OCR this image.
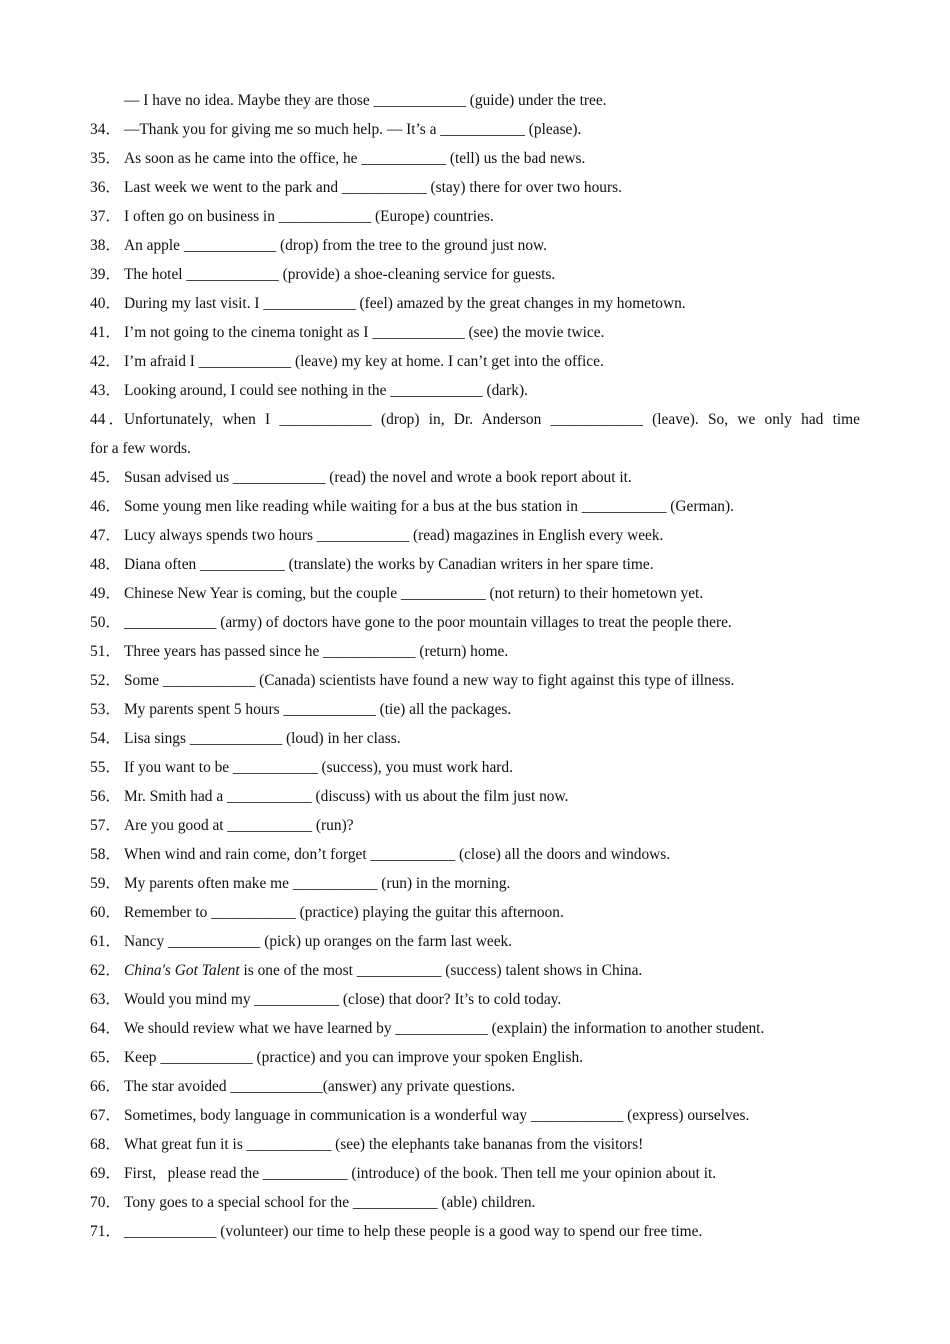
— I have no idea. Maybe they are those ____________ (guide) under the tree.
34． —Thank you for giving me so much help. — It’s a ___________ (please).
35． As soon as he came into the office, he ___________ (tell) us the bad news.
36． Last week we went to the park and ___________ (stay) there for over two hours.
37． I often go on business in ____________ (Europe) countries.
38． An apple ____________ (drop) from the tree to the ground just now.
39． The hotel ____________ (provide) a shoe-cleaning service for guests.
40． During my last visit. I ____________ (feel) amazed by the great changes in my hometown.
41． I’m not going to the cinema tonight as I ____________ (see) the movie twice.
42． I’m afraid I ____________ (leave) my key at home. I can’t get into the office.
43． Looking around, I could see nothing in the ____________ (dark).
44．Unfortunately, when I ____________ (drop) in, Dr. Anderson ____________ (leave). So, we only had time
for a few words.
45． Susan advised us ____________ (read) the novel and wrote a book report about it.
46． Some young men like reading while waiting for a bus at the bus station in ___________ (German).
47． Lucy always spends two hours ____________ (read) magazines in English every week.
48． Diana often ___________ (translate) the works by Canadian writers in her spare time.
49． Chinese New Year is coming, but the couple ___________ (not return) to their hometown yet.
50． ____________ (army) of doctors have gone to the poor mountain villages to treat the people there.
51． Three years has passed since he ____________ (return) home.
52． Some ____________ (Canada) scientists have found a new way to fight against this type of illness.
53． My parents spent 5 hours ____________ (tie) all the packages.
54． Lisa sings ____________ (loud) in her class.
55． If you want to be ___________ (success), you must work hard.
56． Mr. Smith had a ___________ (discuss) with us about the film just now.
57． Are you good at ___________ (run)?
58． When wind and rain come, don’t forget ___________ (close) all the doors and windows.
59． My parents often make me ___________ (run) in the morning.
60． Remember to ___________ (practice) playing the guitar this afternoon.
61． Nancy ____________ (pick) up oranges on the farm last week.
62． China's Got Talent is one of the most ___________ (success) talent shows in China.
63． Would you mind my ___________ (close) that door? It’s to cold today.
64． We should review what we have learned by ____________ (explain) the information to another student.
65． Keep ____________ (practice) and you can improve your spoken English.
66． The star avoided ____________(answer) any private questions.
67． Sometimes, body language in communication is a wonderful way ____________ (express) ourselves.
68． What great fun it is ___________ (see) the elephants take bananas from the visitors!
69． First,   please read the ___________ (introduce) of the book. Then tell me your opinion about it.
70． Tony goes to a special school for the ___________ (able) children.
71． ____________ (volunteer) our time to help these people is a good way to spend our free time.
